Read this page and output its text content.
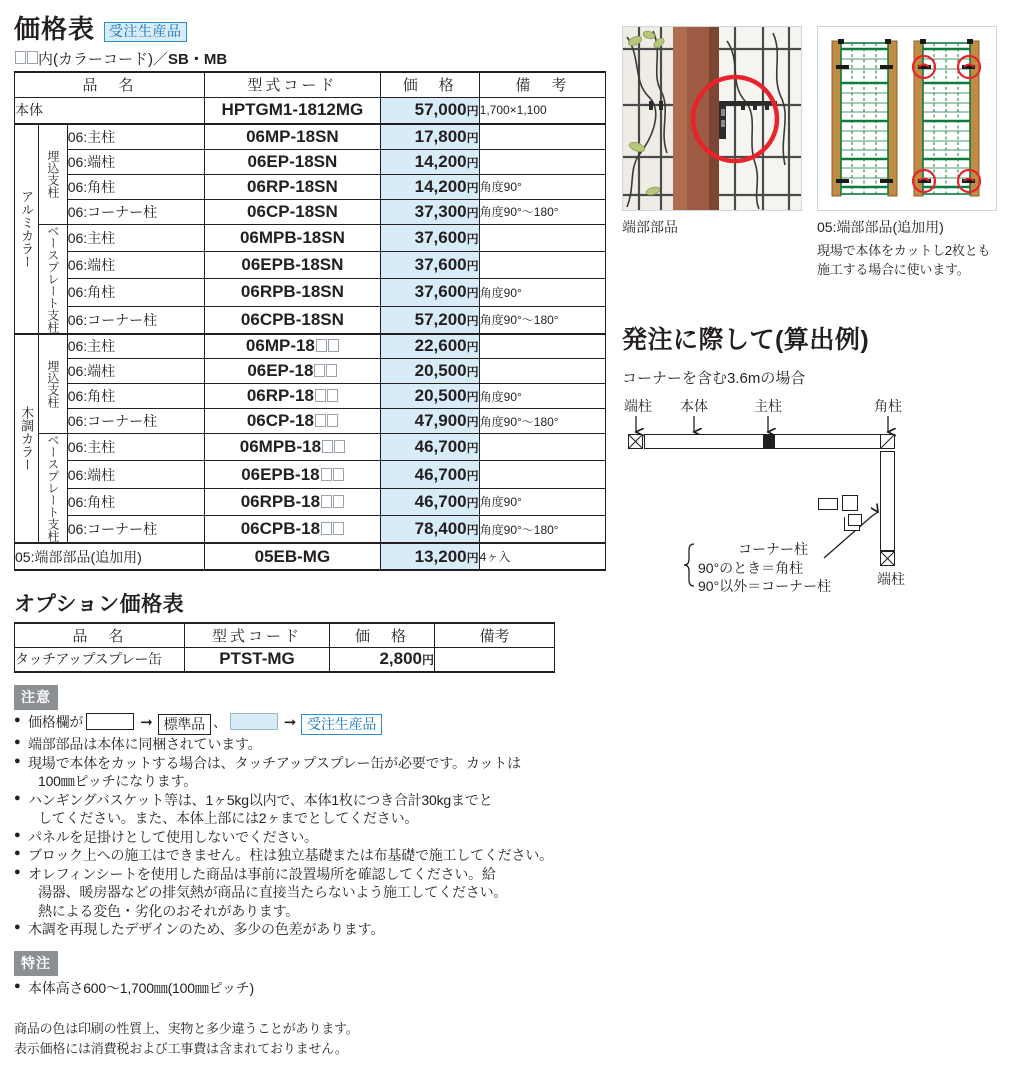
価格表	受注生産品
内(カラーコード)／ SB・MB
品　名			型式コード	価　格	備　考
本体			HPTGM1-1812MG	57,000円	1,700×1,100

アルミカラー	埋込支柱	06:主柱	06MP-18SN	17,800円	
		06:端柱	06EP-18SN	14,200円	
		06:角柱	06RP-18SN	14,200円	角度90°
		06:コーナー柱	06CP-18SN	37,300円	角度90°〜180°

	ベースプレート支柱	06:主柱	06MPB-18SN	37,600円	
		06:端柱	06EPB-18SN	37,600円	
		06:角柱	06RPB-18SN	37,600円	角度90°
		06:コーナー柱	06CPB-18SN	57,200円	角度90°〜180°

木調カラー	埋込支柱	06:主柱	06MP-18	22,600円	
		06:端柱	06EP-18	20,500円	
		06:角柱	06RP-18	20,500円	角度90°
		06:コーナー柱	06CP-18	47,900円	角度90°〜180°

	ベースプレート支柱	06:主柱	06MPB-18	46,700円	
		06:端柱	06EPB-18	46,700円	
		06:角柱	06RPB-18	46,700円	角度90°
		06:コーナー柱	06CPB-18	78,400円	角度90°〜180°
05:端部部品(追加用)			05EB-MG	13,200円	4ヶ入
オプション価格表
品　名	型式コード	価　格	備考
タッチアップスプレー缶	PTST-MG	2,800円	
注意
● 価格欄が	➞ 標準品 、	➞ 受注生産品
● 端部部品は本体に同梱されています。
● 現場で本体をカットする場合は、タッチアップスプレー缶が必要です。カットは
100㎜ピッチになります。
● ハンギングバスケット等は、1ヶ5kg以内で、本体1枚につき合計30kgまでと
してください。また、本体上部には2ヶまでとしてください。
● パネルを足掛けとして使用しないでください。
● ブロック上への施工はできません。柱は独立基礎または布基礎で施工してください。
● オレフィンシートを使用した商品は事前に設置場所を確認してください。給
湯器、暖房器などの排気熱が商品に直接当たらないよう施工してください。
熱による変色・劣化のおそれがあります。
● 木調を再現したデザインのため、多少の色差があります。
特注
● 本体高さ600〜1,700㎜(100㎜ピッチ)
商品の色は印刷の性質上、実物と多少違うことがあります。
表示価格には消費税および工事費は含まれておりません。
端部部品	05:端部部品(追加用)
現場で本体をカットし2枚とも
施工する場合に使います。
発注に際して(算出例)
コーナーを含む3.6mの場合
端柱 本体	主柱	角柱
コーナー柱
90°のとき＝角柱
90°以外＝コーナー柱	端柱
